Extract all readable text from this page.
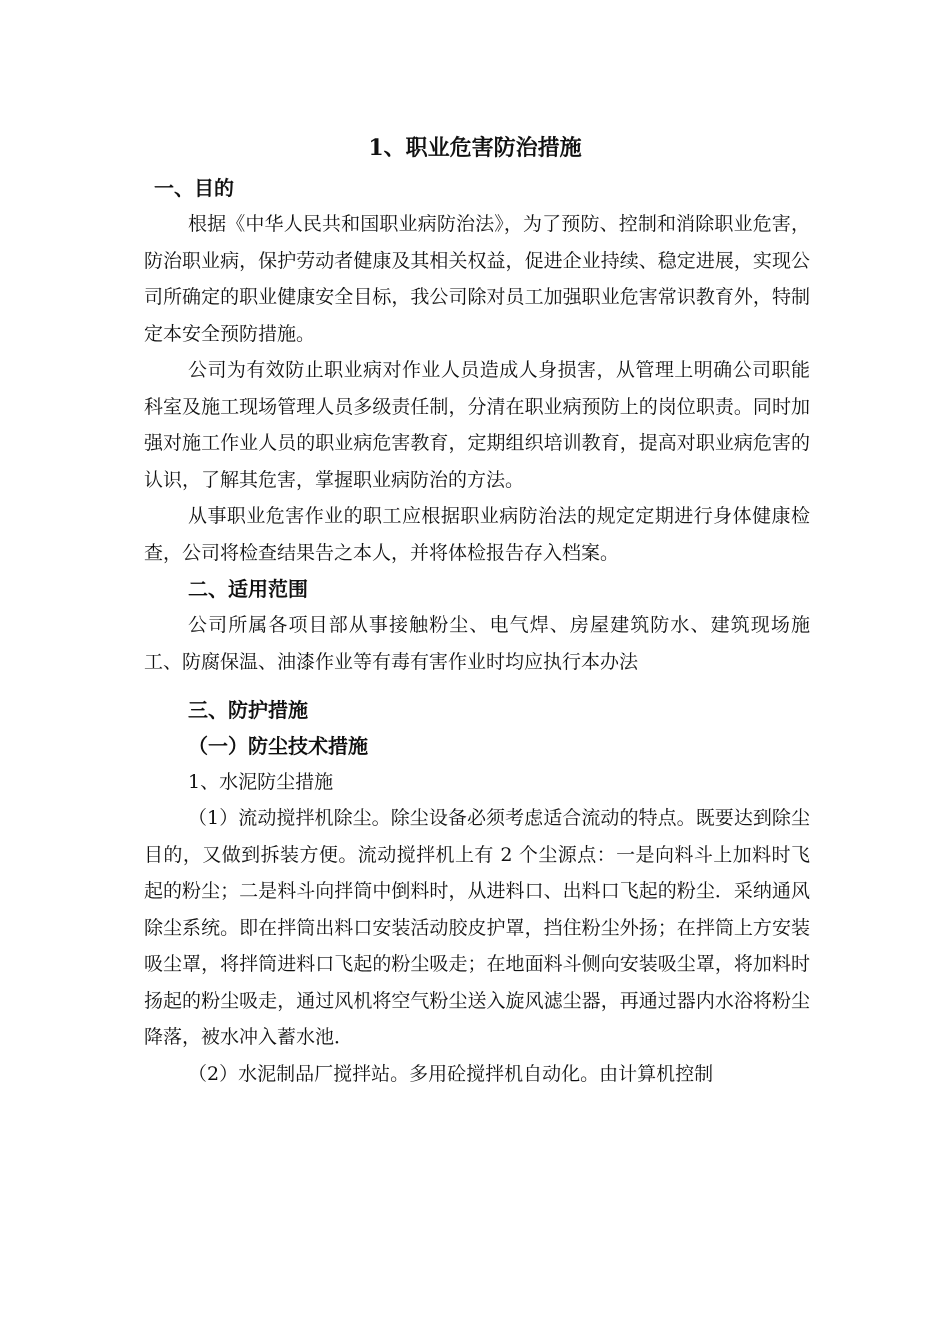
1、职业危害防治措施
一、目的
根据《中华人民共和国职业病防治法》，为了预防、控制和消除职业危害，防治职业病，保护劳动者健康及其相关权益，促进企业持续、稳定进展，实现公司所确定的职业健康安全目标，我公司除对员工加强职业危害常识教育外，特制定本安全预防措施。
公司为有效防止职业病对作业人员造成人身损害，从管理上明确公司职能科室及施工现场管理人员多级责任制，分清在职业病预防上的岗位职责。同时加强对施工作业人员的职业病危害教育，定期组织培训教育，提高对职业病危害的认识，了解其危害，掌握职业病防治的方法。
从事职业危害作业的职工应根据职业病防治法的规定定期进行身体健康检查，公司将检查结果告之本人，并将体检报告存入档案。
二、适用范围
公司所属各项目部从事接触粉尘、电气焊、房屋建筑防水、建筑现场施工、防腐保温、油漆作业等有毒有害作业时均应执行本办法
三、防护措施
（一）防尘技术措施
1、水泥防尘措施
（1）流动搅拌机除尘。除尘设备必须考虑适合流动的特点。既要达到除尘目的，又做到拆装方便。流动搅拌机上有 2 个尘源点：一是向料斗上加料时飞起的粉尘；二是料斗向拌筒中倒料时，从进料口、出料口飞起的粉尘．采纳通风除尘系统。即在拌筒出料口安装活动胶皮护罩，挡住粉尘外扬；在拌筒上方安装吸尘罩，将拌筒进料口飞起的粉尘吸走；在地面料斗侧向安装吸尘罩，将加料时扬起的粉尘吸走，通过风机将空气粉尘送入旋风滤尘器，再通过器内水浴将粉尘降落，被水冲入蓄水池．
（2）水泥制品厂搅拌站。多用砼搅拌机自动化。由计算机控制
